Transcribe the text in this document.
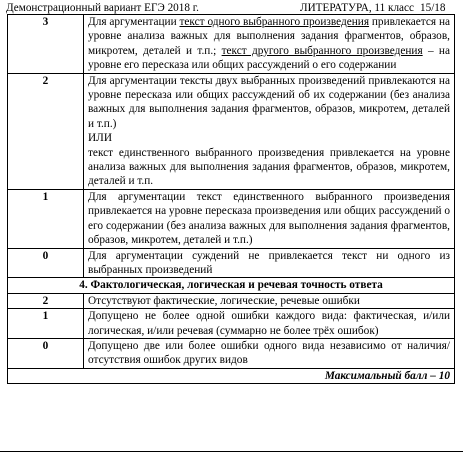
Демонстрационный вариант ЕГЭ 2018 г.	ЛИТЕРАТУРА, 11 класс 15/18
3	Для аргументации текст одного выбранного произведения привлекается на уровне анализа важных для выполнения задания фрагментов, образов, микротем, деталей и т.п.; текст другого выбранного произведения – на уровне его пересказа или общих рассуждений о его содержании
2	Для аргументации тексты двух выбранных произведений привлекаются на уровне пересказа или общих рассуждений об их содержании (без анализа важных для выполнения задания фрагментов, образов, микротем, деталей и т.п.)
ИЛИ
текст единственного выбранного произведения привлекается на уровне анализа важных для выполнения задания фрагментов, образов, микротем, деталей и т.п.

1	Для аргументации текст единственного выбранного произведения привлекается на уровне пересказа произведения или общих рассуждений о его содержании (без анализа важных для выполнения задания фрагментов, образов, микротем, деталей и т.п.)
0	Для аргументации суждений не привлекается текст ни одного из выбранных произведений
4. Фактологическая, логическая и речевая точность ответа	
2	Отсутствуют фактические, логические, речевые ошибки
1	Допущено не более одной ошибки каждого вида: фактическая, и/или логическая, и/или речевая (суммарно не более трёх ошибок)
0	Допущено две или более ошибки одного вида независимо от наличия/отсутствия ошибок других видов
Максимальный балл – 10	
